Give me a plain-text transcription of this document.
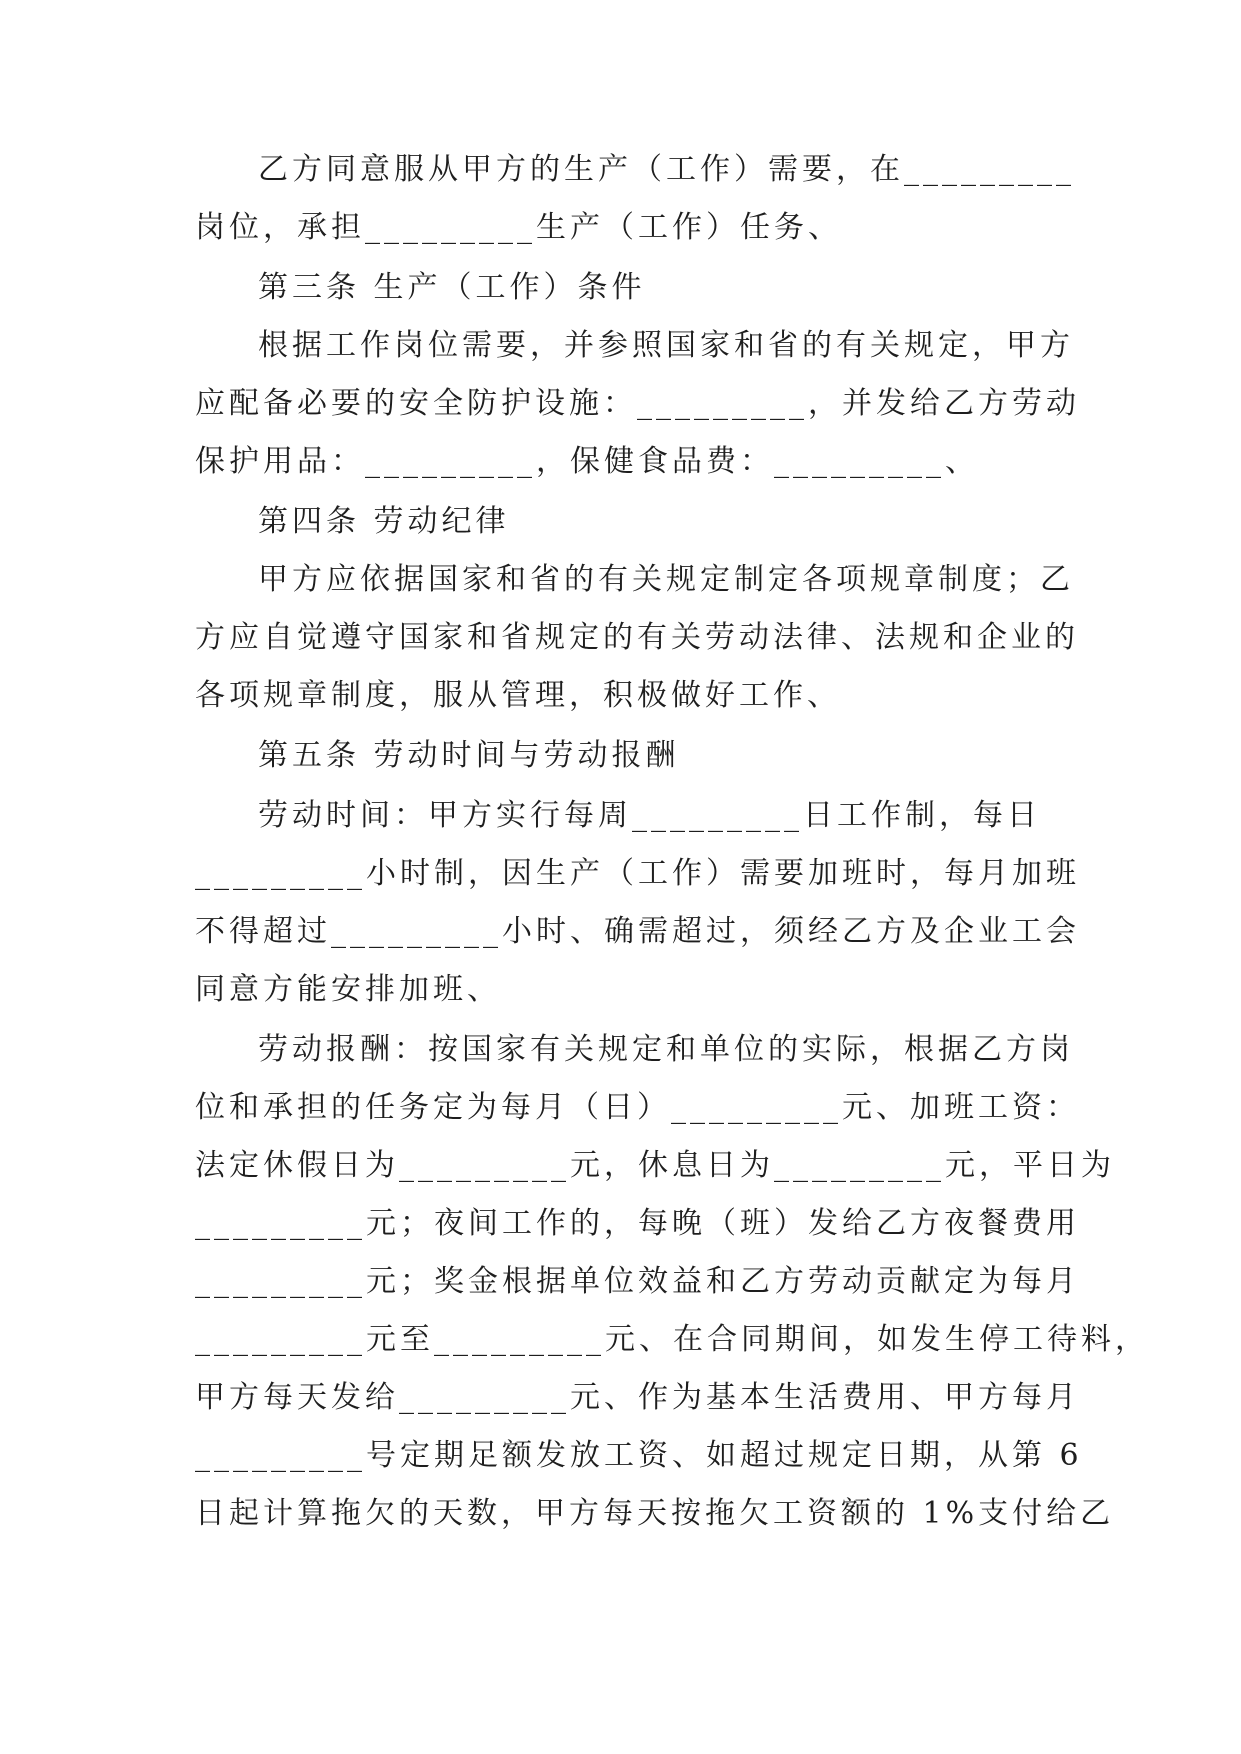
乙方同意服从甲方的生产（工作）需要，在_________
岗位，承担_________生产（工作）任务、
第三条 生产（工作）条件
根据工作岗位需要，并参照国家和省的有关规定，甲方
应配备必要的安全防护设施：_________，并发给乙方劳动
保护用品：_________，保健食品费：_________、
第四条 劳动纪律
甲方应依据国家和省的有关规定制定各项规章制度；乙
方应自觉遵守国家和省规定的有关劳动法律、法规和企业的
各项规章制度，服从管理，积极做好工作、
第五条 劳动时间与劳动报酬
劳动时间：甲方实行每周_________日工作制，每日
_________小时制，因生产（工作）需要加班时，每月加班
不得超过_________小时、确需超过，须经乙方及企业工会
同意方能安排加班、
劳动报酬：按国家有关规定和单位的实际，根据乙方岗
位和承担的任务定为每月（日）_________元、加班工资：
法定休假日为_________元，休息日为_________元，平日为
_________元；夜间工作的，每晚（班）发给乙方夜餐费用
_________元；奖金根据单位效益和乙方劳动贡献定为每月
_________元至_________元、在合同期间，如发生停工待料，
甲方每天发给_________元、作为基本生活费用、甲方每月
_________号定期足额发放工资、如超过规定日期，从第 6
日起计算拖欠的天数，甲方每天按拖欠工资额的 1%支付给乙
